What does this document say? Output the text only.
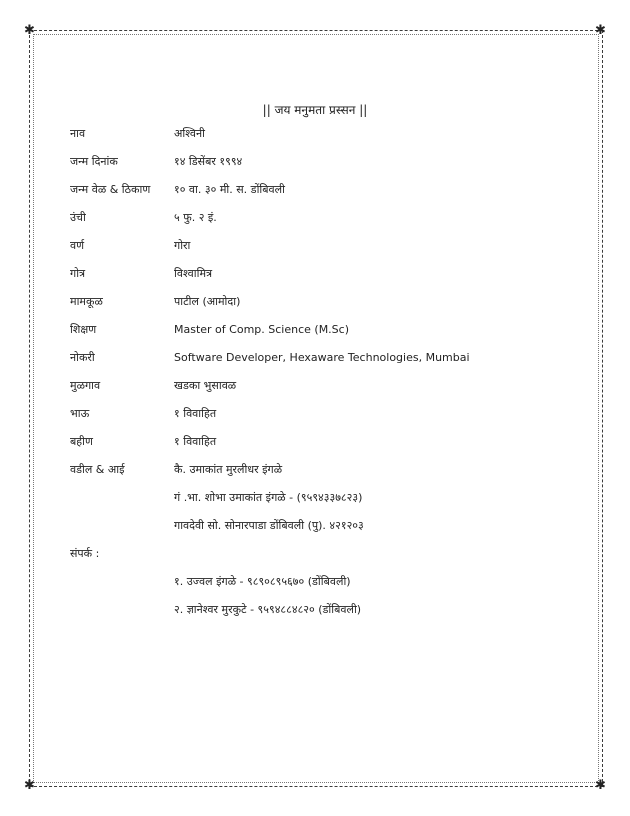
✱	✱
✱	✱
|| जय मनुमता प्रस्सन ||
नाव	अश्विनी
जन्म दिनांक	१४ डिसेंबर १९९४
जन्म वेळ & ठिकाण १० वा. ३० मी. स. डोंबिवली
उंची	५ फु. २ इं.
वर्ण	गोरा
गोत्र	विश्वामित्र
मामकूळ	पाटील (आमोदा)
शिक्षण	Master of Comp. Science (M.Sc)
नोकरी	Software Developer, Hexaware Technologies, Mumbai
मुळगाव	खडका भुसावळ
भाऊ	१ विवाहित
बहीण	१ विवाहित
वडील & आई	कै. उमाकांत मुरलीधर इंगळे
गं .भा. शोभा उमाकांत इंगळे - (९५९४३३७८२३)
गावदेवी सो. सोनारपाडा डोंबिवली (पु). ४२१२०३
संपर्क :
१. उज्वल इंगळे - ९८९०८९५६७० (डोंबिवली)
२. ज्ञानेश्वर मुरकुटे - ९५९४८८४८२० (डोंबिवली)
